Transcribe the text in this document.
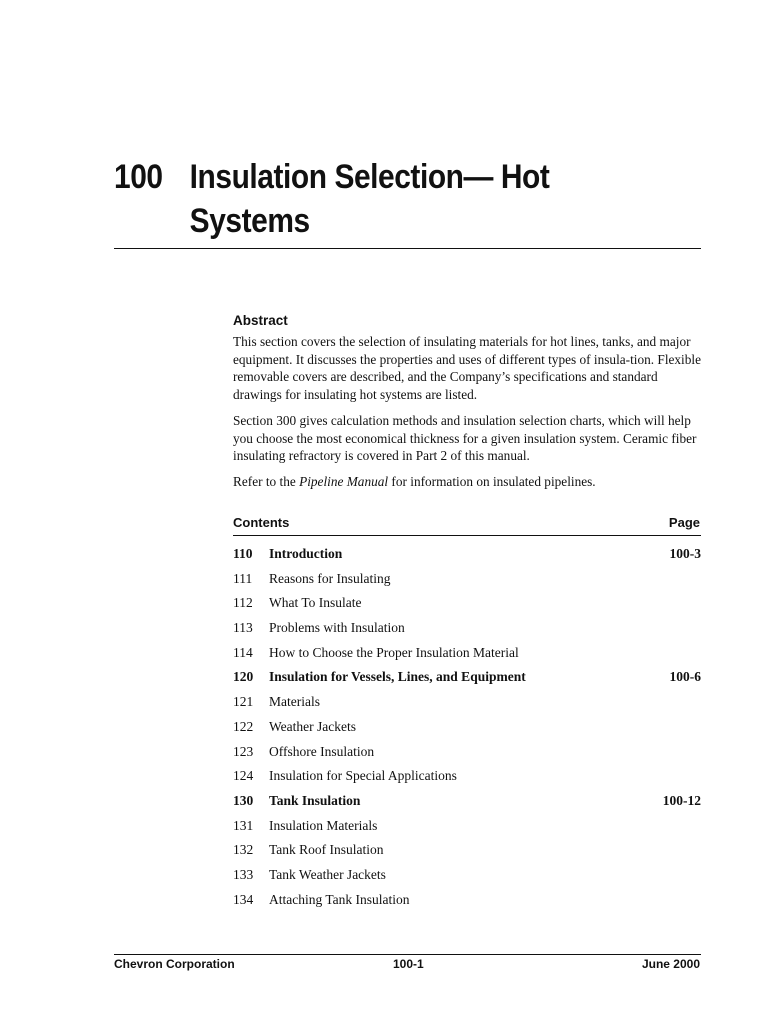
100 Insulation Selection— Hot Systems
Abstract
This section covers the selection of insulating materials for hot lines, tanks, and major equipment. It discusses the properties and uses of different types of insula-tion. Flexible removable covers are described, and the Company’s specifications and standard drawings for insulating hot systems are listed.
Section 300 gives calculation methods and insulation selection charts, which will help you choose the most economical thickness for a given insulation system. Ceramic fiber insulating refractory is covered in Part 2 of this manual.
Refer to the Pipeline Manual for information on insulated pipelines.
Contents	Page
110 Introduction	100-3
111 Reasons for Insulating
112 What To Insulate
113 Problems with Insulation
114 How to Choose the Proper Insulation Material
120 Insulation for Vessels, Lines, and Equipment	100-6
121 Materials
122 Weather Jackets
123 Offshore Insulation
124 Insulation for Special Applications
130 Tank Insulation	100-12
131 Insulation Materials
132 Tank Roof Insulation
133 Tank Weather Jackets
134 Attaching Tank Insulation
Chevron Corporation	100-1	June 2000
